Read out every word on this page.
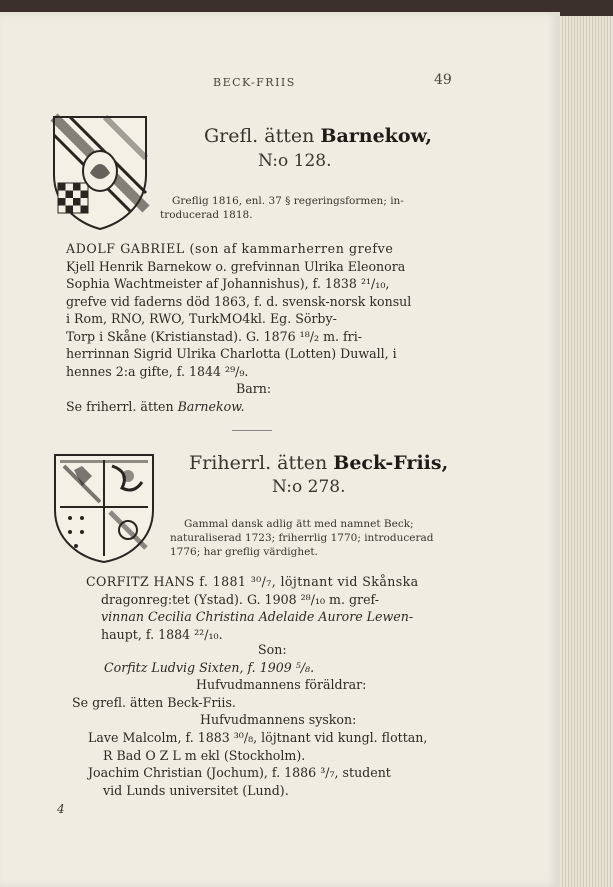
BECK-FRIIS	49
Grefl. ätten Barnekow,
N:o 128.
Greflig 1816, enl. 37 § regeringsformen; in-
troducerad 1818.
ADOLF GABRIEL (son af kammarherren grefve
Kjell Henrik Barnekow o. grefvinnan Ulrika Eleonora
Sophia Wachtmeister af Johannishus), f. 1838 ²¹/₁₀,
grefve vid faderns död 1863, f. d. svensk-norsk konsul
i Rom, RNO, RWO, TurkMO4kl. Eg. Sörby-
Torp i Skåne (Kristianstad). G. 1876 ¹⁸/₂ m. fri-
herrinnan Sigrid Ulrika Charlotta (Lotten) Duwall, i
hennes 2:a gifte, f. 1844 ²⁹/₉.
Barn:
Se friherrl. ätten Barnekow.
Friherrl. ätten Beck-Friis,
N:o 278.
Gammal dansk adlig ätt med namnet Beck;
naturaliserad 1723; friherrlig 1770; introducerad
1776; har greflig värdighet.
CORFITZ HANS f. 1881 ³⁰/₇, löjtnant vid Skånska
dragonreg:tet (Ystad). G. 1908 ²⁸/₁₀ m. gref-
vinnan Cecilia Christina Adelaide Aurore Lewen-
haupt, f. 1884 ²²/₁₀.
Son:
Corfitz Ludvig Sixten, f. 1909 ⁵/₈.
Hufvudmannens föräldrar:
Se grefl. ätten Beck-Friis.
Hufvudmannens syskon:
Lave Malcolm, f. 1883 ³⁰/₈, löjtnant vid kungl. flottan,
R Bad O Z L m ekl (Stockholm).
Joachim Christian (Jochum), f. 1886 ³/₇, student
vid Lunds universitet (Lund).
4
